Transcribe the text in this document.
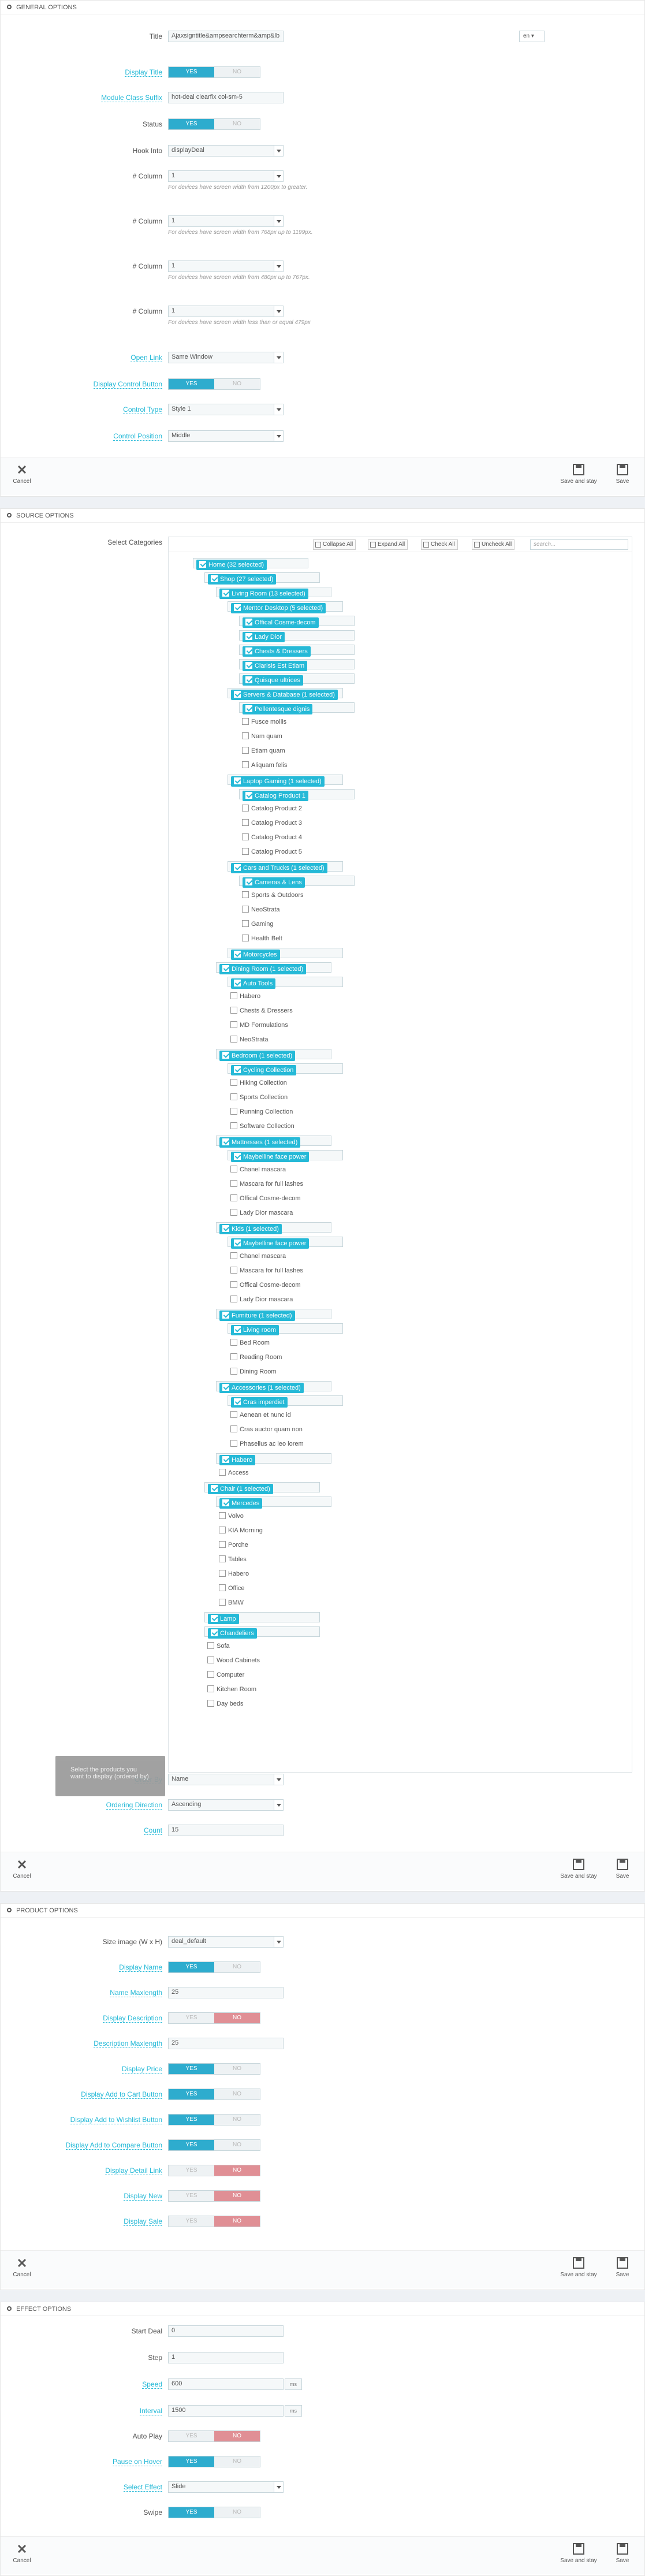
GENERAL OPTIONS
Title	Ajaxsigntitle&ampsearchterm&amp&lb	en ▾
Display Title	YES	NO
Module Class Suffix	hot-deal clearfix col-sm-5
Status	YES	NO
Hook Into	displayDeal
# Column	1
For devices have screen width from 1200px to greater.
# Column	1
For devices have screen width from 768px up to 1199px.
# Column	1
For devices have screen width from 480px up to 767px.
# Column	1
For devices have screen width less than or equal 479px
Open Link	Same Window
Display Control Button	YES	NO
Control Type	Style 1
Control Position	Middle
Cancel	Save and stay	Save
SOURCE OPTIONS
Select Categories	Collapse All	Expand All	Check All	Uncheck All	search...
Home (32 selected)
Shop (27 selected)
Living Room (13 selected)
Mentor Desktop (5 selected)
Offical Cosme-decom
Lady Dior
Chests & Dressers
Clarisis Est Etiam
Quisque ultrices
Servers & Database (1 selected)
Pellentesque dignis
Fusce mollis
Nam quam
Etiam quam
Aliquam felis
Laptop Gaming (1 selected)
Catalog Product 1
Catalog Product 2
Catalog Product 3
Catalog Product 4
Catalog Product 5
Cars and Trucks (1 selected)
Cameras & Lens
Sports & Outdoors
NeoStrata
Gaming
Health Belt
Motorcycles
Dining Room (1 selected)
Auto Tools
Habero
Chests & Dressers
MD Formulations
NeoStrata
Bedroom (1 selected)
Cycling Collection
Hiking Collection
Sports Collection
Running Collection
Software Collection
Mattresses (1 selected)
Maybelline face power
Chanel mascara
Mascara for full lashes
Offical Cosme-decom
Lady Dior mascara
Kids (1 selected)
Maybelline face power
Chanel mascara
Mascara for full lashes
Offical Cosme-decom
Lady Dior mascara
Furniture (1 selected)
Living room
Bed Room
Reading Room
Dining Room
Accessories (1 selected)
Cras imperdiet
Aenean et nunc id
Cras auctor quam non
Phasellus ac leo lorem
Habero
Access
Chair (1 selected)
Mercedes
Volvo
KIA Morning
Porche
Tables
Habero
Office
BMW
Lamp
Chandeliers
Sofa
Wood Cabinets
Computer
Kitchen Room
Day beds
Name
Ordering Direction	Ascending
Count	15
Cancel	Save and stay	Save
Select the products you want to display (ordered by)
PRODUCT OPTIONS
Size image (W x H)	deal_default
Display Name	YES	NO
Name Maxlength	25
Display Description	YES	NO
Description Maxlength	25
Display Price	YES	NO
Display Add to Cart Button	YES	NO
Display Add to Wishlist Button	YES	NO
Display Add to Compare Button	YES	NO
Display Detail Link	YES	NO
Display New	YES	NO
Display Sale	YES	NO
Cancel	Save and stay	Save
EFFECT OPTIONS
Start Deal	0
Step	1
Speed	600	ms
Interval	1500	ms
Auto Play	YES	NO
Pause on Hover	YES	NO
Select Effect	Slide
Swipe	YES	NO
Cancel	Save and stay	Save
